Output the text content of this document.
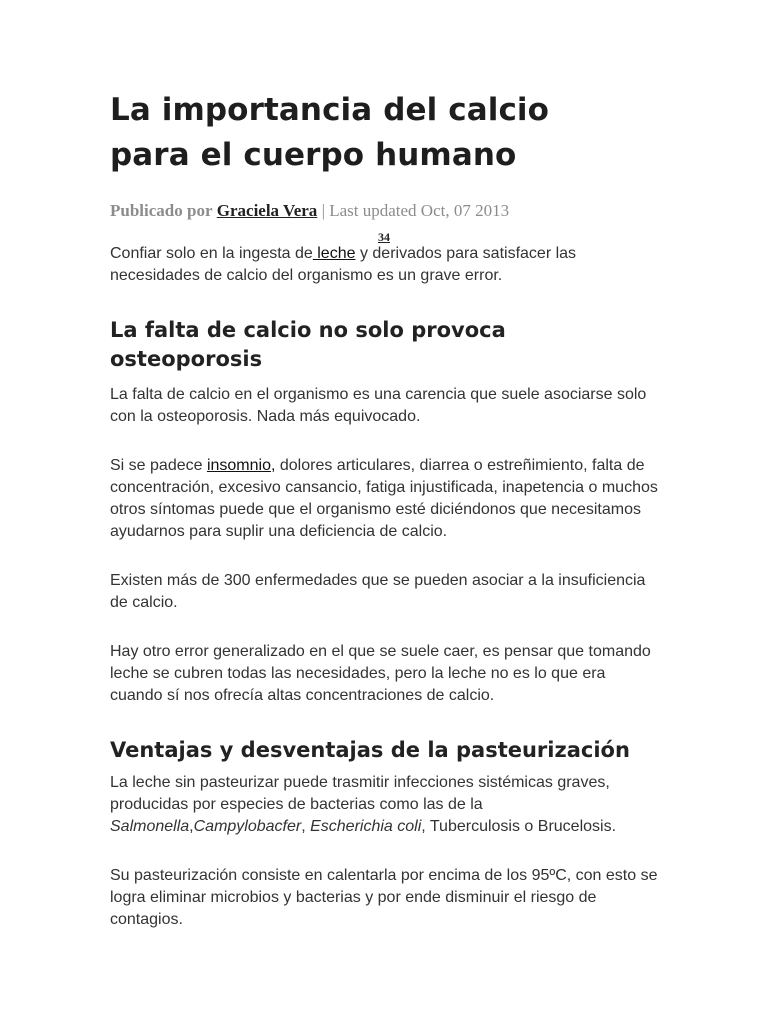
La importancia del calcio
para el cuerpo humano
Publicado por Graciela Vera | Last updated Oct, 07 2013
34

Confiar solo en la ingesta de leche y derivados para satisfacer las necesidades de calcio del organismo es un grave error.

La falta de calcio no solo provoca osteoporosis

La falta de calcio en el organismo es una carencia que suele asociarse solo con la osteoporosis. Nada más equivocado.

Si se padece insomnio, dolores articulares, diarrea o estreñimiento, falta de concentración, excesivo cansancio, fatiga injustificada, inapetencia o muchos otros síntomas puede que el organismo esté diciéndonos que necesitamos ayudarnos para suplir una deficiencia de calcio.

Existen más de 300 enfermedades que se pueden asociar a la insuficiencia de calcio.

Hay otro error generalizado en el que se suele caer, es pensar que tomando leche se cubren todas las necesidades, pero la leche no es lo que era cuando sí nos ofrecía altas concentraciones de calcio.

Ventajas y desventajas de la pasteurización

La leche sin pasteurizar puede trasmitir infecciones sistémicas graves, producidas por especies de bacterias como las de la Salmonella,Campylobacfer, Escherichia coli, Tuberculosis o Brucelosis.

Su pasteurización consiste en calentarla por encima de los 95ºC, con esto se logra eliminar microbios y bacterias y por ende disminuir el riesgo de contagios.
